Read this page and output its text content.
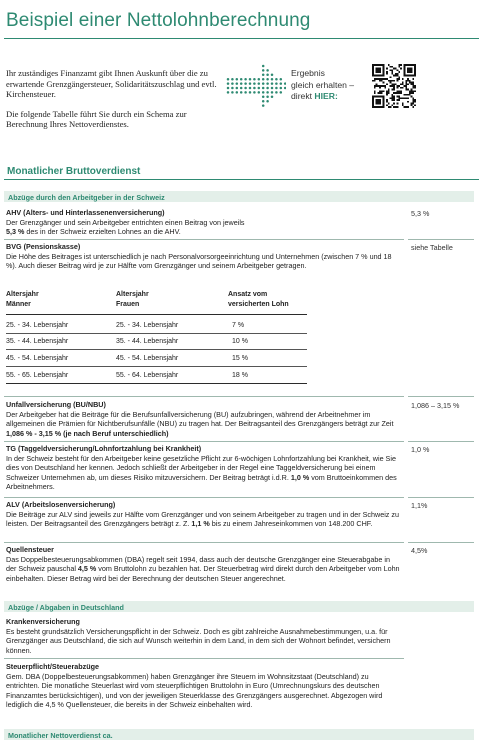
Beispiel einer Nettolohnberechnung

Ihr zuständiges Finanzamt gibt Ihnen Auskunft über die zu erwartende Grenzgängersteuer, Solidaritätszuschlag und evtl. Kirchensteuer.

Die folgende Tabelle führt Sie durch ein Schema zur Berechnung Ihres Nettoverdienstes.

Ergebnis
gleich erhalten –
direkt HIER:
Monatlicher Bruttoverdienst
Abzüge durch den Arbeitgeber in der Schweiz
AHV (Alters- und Hinterlassenenversicherung)
Der Grenzgänger und sein Arbeitgeber entrichten einen Beitrag von jeweils
5,3 % des in der Schweiz erzielten Lohnes an die AHV.
5,3 %
BVG (Pensionskasse)
Die Höhe des Beitrages ist unterschiedlich je nach Personalvorsorgeeinrichtung und Unternehmen (zwischen 7 % und 18 %). Auch dieser Beitrag wird je zur Hälfte vom Grenzgänger und seinem Arbeitgeber getragen.
siehe Tabelle
Altersjahr
Männer
Altersjahr
Frauen
Ansatz vom
versicherten Lohn
25. - 34. Lebensjahr	25. - 34. Lebensjahr	7 %
35. - 44. Lebensjahr	35. - 44. Lebensjahr	10 %
45. - 54. Lebensjahr	45. - 54. Lebensjahr	15 %
55. - 65. Lebensjahr	55. - 64. Lebensjahr	18 %
Unfallversicherung (BU/NBU)
Der Arbeitgeber hat die Beiträge für die Berufsunfallversicherung (BU) aufzubringen, während der Arbeitnehmer im allgemeinen die Prämien für Nichtberufsunfälle (NBU) zu tragen hat. Der Beitragsanteil des Grenzgängers beträgt zur Zeit 1,086 % - 3,15 % (je nach Beruf unterschiedlich)
1,086 – 3,15 %
TG (Taggeldversicherung/Lohnfortzahlung bei Krankheit)
In der Schweiz besteht für den Arbeitgeber keine gesetzliche Pflicht zur 6-wöchigen Lohnfortzahlung bei Krankheit, wie Sie dies von Deutschland her kennen. Jedoch schließt der Arbeitgeber in der Regel eine Taggeldversicherung bei einem Schweizer Unternehmen ab, um dieses Risiko mitzuversichern. Der Beitrag beträgt i.d.R. 1,0 % vom Bruttoeinkommen des Arbeitnehmers.
1,0 %
ALV (Arbeitslosenversicherung)
Die Beiträge zur ALV sind jeweils zur Hälfte vom Grenzgänger und von seinem Arbeitgeber zu tragen und in der Schweiz zu leisten. Der Beitragsanteil des Grenzgängers beträgt z. Z. 1,1 % bis zu einem Jahreseinkommen von 148.200 CHF.
1,1%
Quellensteuer
Das Doppelbesteuerungsabkommen (DBA) regelt seit 1994, dass auch der deutsche Grenzgänger eine Steuerabgabe in der Schweiz pauschal 4,5 % vom Bruttolohn zu bezahlen hat. Der Steuerbetrag wird direkt durch den Arbeitgeber vom Lohn einbehalten. Dieser Betrag wird bei der Berechnung der deutschen Steuer angerechnet.
4,5%
Abzüge / Abgaben in Deutschland
Krankenversicherung
Es besteht grundsätzlich Versicherungspflicht in der Schweiz. Doch es gibt zahlreiche Ausnahmebestimmungen, u.a. für Grenzgänger aus Deutschland, die sich auf Wunsch weiterhin in dem Land, in dem sich der Wohnort befindet, versichern können.
Steuerpflicht/Steuerabzüge
Gem. DBA (Doppelbesteuerungsabkommen) haben Grenzgänger ihre Steuern im Wohnsitzstaat (Deutschland) zu entrichten. Die monatliche Steuerlast wird vom steuerpflichtigen Bruttolohn in Euro (Umrechnungskurs des deutschen Finanzamtes berücksichtigen), und von der jeweiligen Steuerklasse des Grenzgängers ausgerechnet. Abgezogen wird lediglich die 4,5 % Quellensteuer, die bereits in der Schweiz einbehalten wird.
Monatlicher Nettoverdienst ca.
